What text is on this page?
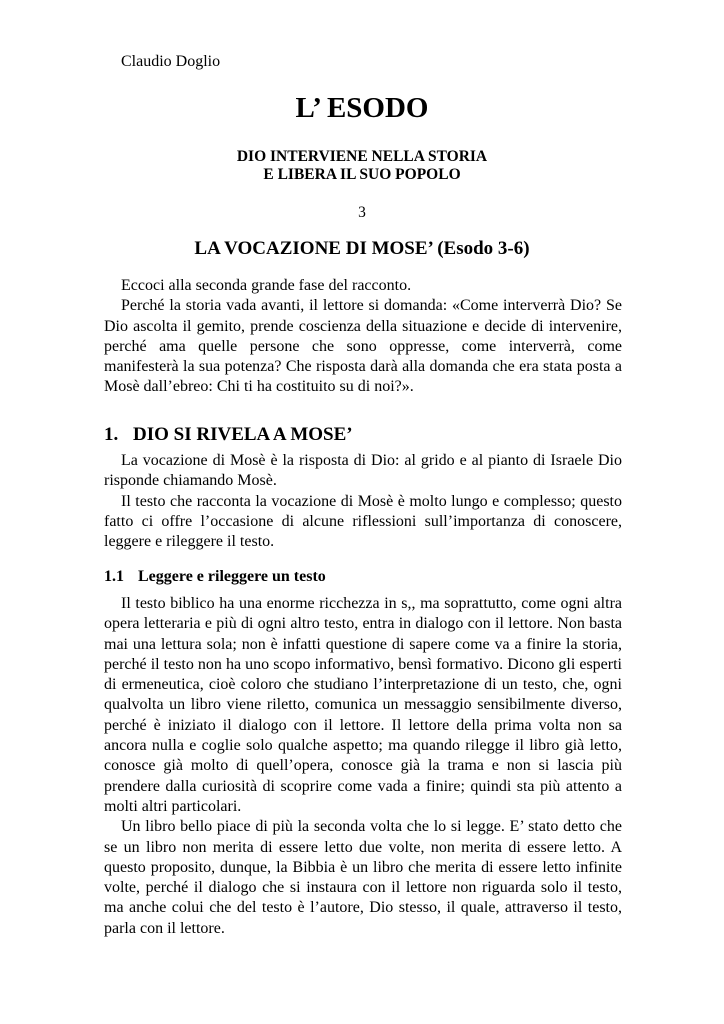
Claudio Doglio
L’ ESODO
DIO INTERVIENE NELLA STORIA
E LIBERA IL SUO POPOLO
3
LA VOCAZIONE DI MOSE’ (Esodo 3-6)

Eccoci alla seconda grande fase del racconto.

Perché la storia vada avanti, il lettore si domanda: «Come interverrà Dio? Se Dio ascolta il gemito, prende coscienza della situazione e decide di intervenire, perché ama quelle persone che sono oppresse, come interverrà, come manifesterà la sua potenza? Che risposta darà alla domanda che era stata posta a Mosè dall’ebreo: Chi ti ha costituito su di noi?».

1. DIO SI RIVELA A MOSE’

La vocazione di Mosè è la risposta di Dio: al grido e al pianto di Israele Dio risponde chiamando Mosè.

Il testo che racconta la vocazione di Mosè è molto lungo e complesso; questo fatto ci offre l’occasione di alcune riflessioni sull’importanza di conoscere, leggere e rileggere il testo.

1.1 Leggere e rileggere un testo

Il testo biblico ha una enorme ricchezza in s,, ma soprattutto, come ogni altra opera letteraria e più di ogni altro testo, entra in dialogo con il lettore. Non basta mai una lettura sola; non è infatti questione di sapere come va a finire la storia, perché il testo non ha uno scopo informativo, bensì formativo. Dicono gli esperti di ermeneutica, cioè coloro che studiano l’interpretazione di un testo, che, ogni qualvolta un libro viene riletto, comunica un messaggio sensibilmente diverso, perché è iniziato il dialogo con il lettore. Il lettore della prima volta non sa ancora nulla e coglie solo qualche aspetto; ma quando rilegge il libro già letto, conosce già molto di quell’opera, conosce già la trama e non si lascia più prendere dalla curiosità di scoprire come vada a finire; quindi sta più attento a molti altri particolari.

Un libro bello piace di più la seconda volta che lo si legge. E’ stato detto che se un libro non merita di essere letto due volte, non merita di essere letto. A questo proposito, dunque, la Bibbia è un libro che merita di essere letto infinite volte, perché il dialogo che si instaura con il lettore non riguarda solo il testo, ma anche colui che del testo è l’autore, Dio stesso, il quale, attraverso il testo, parla con il lettore.
